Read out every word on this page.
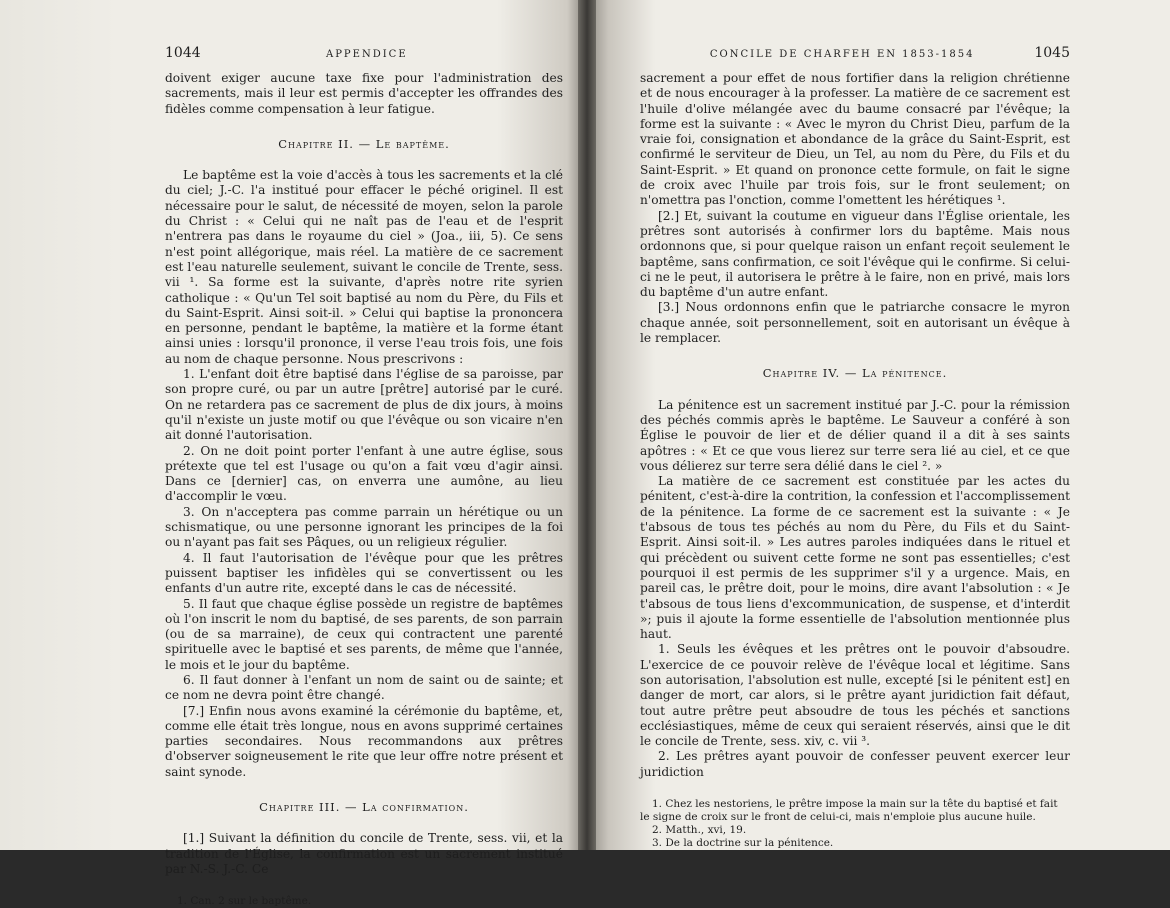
1044	APPENDICE

doivent exiger aucune taxe fixe pour l'administration des sacrements, mais il leur est permis d'accepter les offrandes des fidèles comme compensation à leur fatigue.

Chapitre II. — Le baptême.

Le baptême est la voie d'accès à tous les sacrements et la clé du ciel; J.-C. l'a institué pour effacer le péché originel. Il est nécessaire pour le salut, de nécessité de moyen, selon la parole du Christ : « Celui qui ne naît pas de l'eau et de l'esprit n'entrera pas dans le royaume du ciel » (Joa., iii, 5). Ce sens n'est point allégorique, mais réel. La matière de ce sacrement est l'eau naturelle seulement, suivant le concile de Trente, sess. vii ¹. Sa forme est la suivante, d'après notre rite syrien catholique : « Qu'un Tel soit baptisé au nom du Père, du Fils et du Saint-Esprit. Ainsi soit-il. » Celui qui baptise la prononcera en personne, pendant le baptême, la matière et la forme étant ainsi unies : lorsqu'il prononce, il verse l'eau trois fois, une fois au nom de chaque personne. Nous prescrivons :

1. L'enfant doit être baptisé dans l'église de sa paroisse, par son propre curé, ou par un autre [prêtre] autorisé par le curé. On ne retardera pas ce sacrement de plus de dix jours, à moins qu'il n'existe un juste motif ou que l'évêque ou son vicaire n'en ait donné l'autorisation.

2. On ne doit point porter l'enfant à une autre église, sous prétexte que tel est l'usage ou qu'on a fait vœu d'agir ainsi. Dans ce [dernier] cas, on enverra une aumône, au lieu d'accomplir le vœu.

3. On n'acceptera pas comme parrain un hérétique ou un schismatique, ou une personne ignorant les principes de la foi ou n'ayant pas fait ses Pâques, ou un religieux régulier.

4. Il faut l'autorisation de l'évêque pour que les prêtres puissent baptiser les infidèles qui se convertissent ou les enfants d'un autre rite, excepté dans le cas de nécessité.

5. Il faut que chaque église possède un registre de baptêmes où l'on inscrit le nom du baptisé, de ses parents, de son parrain (ou de sa marraine), de ceux qui contractent une parenté spirituelle avec le baptisé et ses parents, de même que l'année, le mois et le jour du baptême.

6. Il faut donner à l'enfant un nom de saint ou de sainte; et ce nom ne devra point être changé.

[7.] Enfin nous avons examiné la cérémonie du baptême, et, comme elle était très longue, nous en avons supprimé certaines parties secondaires. Nous recommandons aux prêtres d'observer soigneusement le rite que leur offre notre présent et saint synode.

Chapitre III. — La confirmation.

[1.] Suivant la définition du concile de Trente, sess. vii, et la tradition de l'Église, la confirmation est un sacrement institué par N.-S. J.-C. Ce

1. Can. 2 sur le baptême.

CONCILE DE CHARFEH EN 1853-1854	1045

sacrement a pour effet de nous fortifier dans la religion chrétienne et de nous encourager à la professer. La matière de ce sacrement est l'huile d'olive mélangée avec du baume consacré par l'évêque; la forme est la suivante : « Avec le myron du Christ Dieu, parfum de la vraie foi, consignation et abondance de la grâce du Saint-Esprit, est confirmé le serviteur de Dieu, un Tel, au nom du Père, du Fils et du Saint-Esprit. » Et quand on prononce cette formule, on fait le signe de croix avec l'huile par trois fois, sur le front seulement; on n'omettra pas l'onction, comme l'omettent les hérétiques ¹.

[2.] Et, suivant la coutume en vigueur dans l'Église orientale, les prêtres sont autorisés à confirmer lors du baptême. Mais nous ordonnons que, si pour quelque raison un enfant reçoit seulement le baptême, sans confirmation, ce soit l'évêque qui le confirme. Si celui-ci ne le peut, il autorisera le prêtre à le faire, non en privé, mais lors du baptême d'un autre enfant.

[3.] Nous ordonnons enfin que le patriarche consacre le myron chaque année, soit personnellement, soit en autorisant un évêque à le remplacer.

Chapitre IV. — La pénitence.

La pénitence est un sacrement institué par J.-C. pour la rémission des péchés commis après le baptême. Le Sauveur a conféré à son Église le pouvoir de lier et de délier quand il a dit à ses saints apôtres : « Et ce que vous lierez sur terre sera lié au ciel, et ce que vous délierez sur terre sera délié dans le ciel ². »

La matière de ce sacrement est constituée par les actes du pénitent, c'est-à-dire la contrition, la confession et l'accomplissement de la pénitence. La forme de ce sacrement est la suivante : « Je t'absous de tous tes péchés au nom du Père, du Fils et du Saint-Esprit. Ainsi soit-il. » Les autres paroles indiquées dans le rituel et qui précèdent ou suivent cette forme ne sont pas essentielles; c'est pourquoi il est permis de les supprimer s'il y a urgence. Mais, en pareil cas, le prêtre doit, pour le moins, dire avant l'absolution : « Je t'absous de tous liens d'excommunication, de suspense, et d'interdit »; puis il ajoute la forme essentielle de l'absolution mentionnée plus haut.

1. Seuls les évêques et les prêtres ont le pouvoir d'absoudre. L'exercice de ce pouvoir relève de l'évêque local et légitime. Sans son autorisation, l'absolution est nulle, excepté [si le pénitent est] en danger de mort, car alors, si le prêtre ayant juridiction fait défaut, tout autre prêtre peut absoudre de tous les péchés et sanctions ecclésiastiques, même de ceux qui seraient réservés, ainsi que le dit le concile de Trente, sess. xiv, c. vii ³.

2. Les prêtres ayant pouvoir de confesser peuvent exercer leur juridiction

1. Chez les nestoriens, le prêtre impose la main sur la tête du baptisé et fait le signe de croix sur le front de celui-ci, mais n'emploie plus aucune huile.

2. Matth., xvi, 19.

3. De la doctrine sur la pénitence.
